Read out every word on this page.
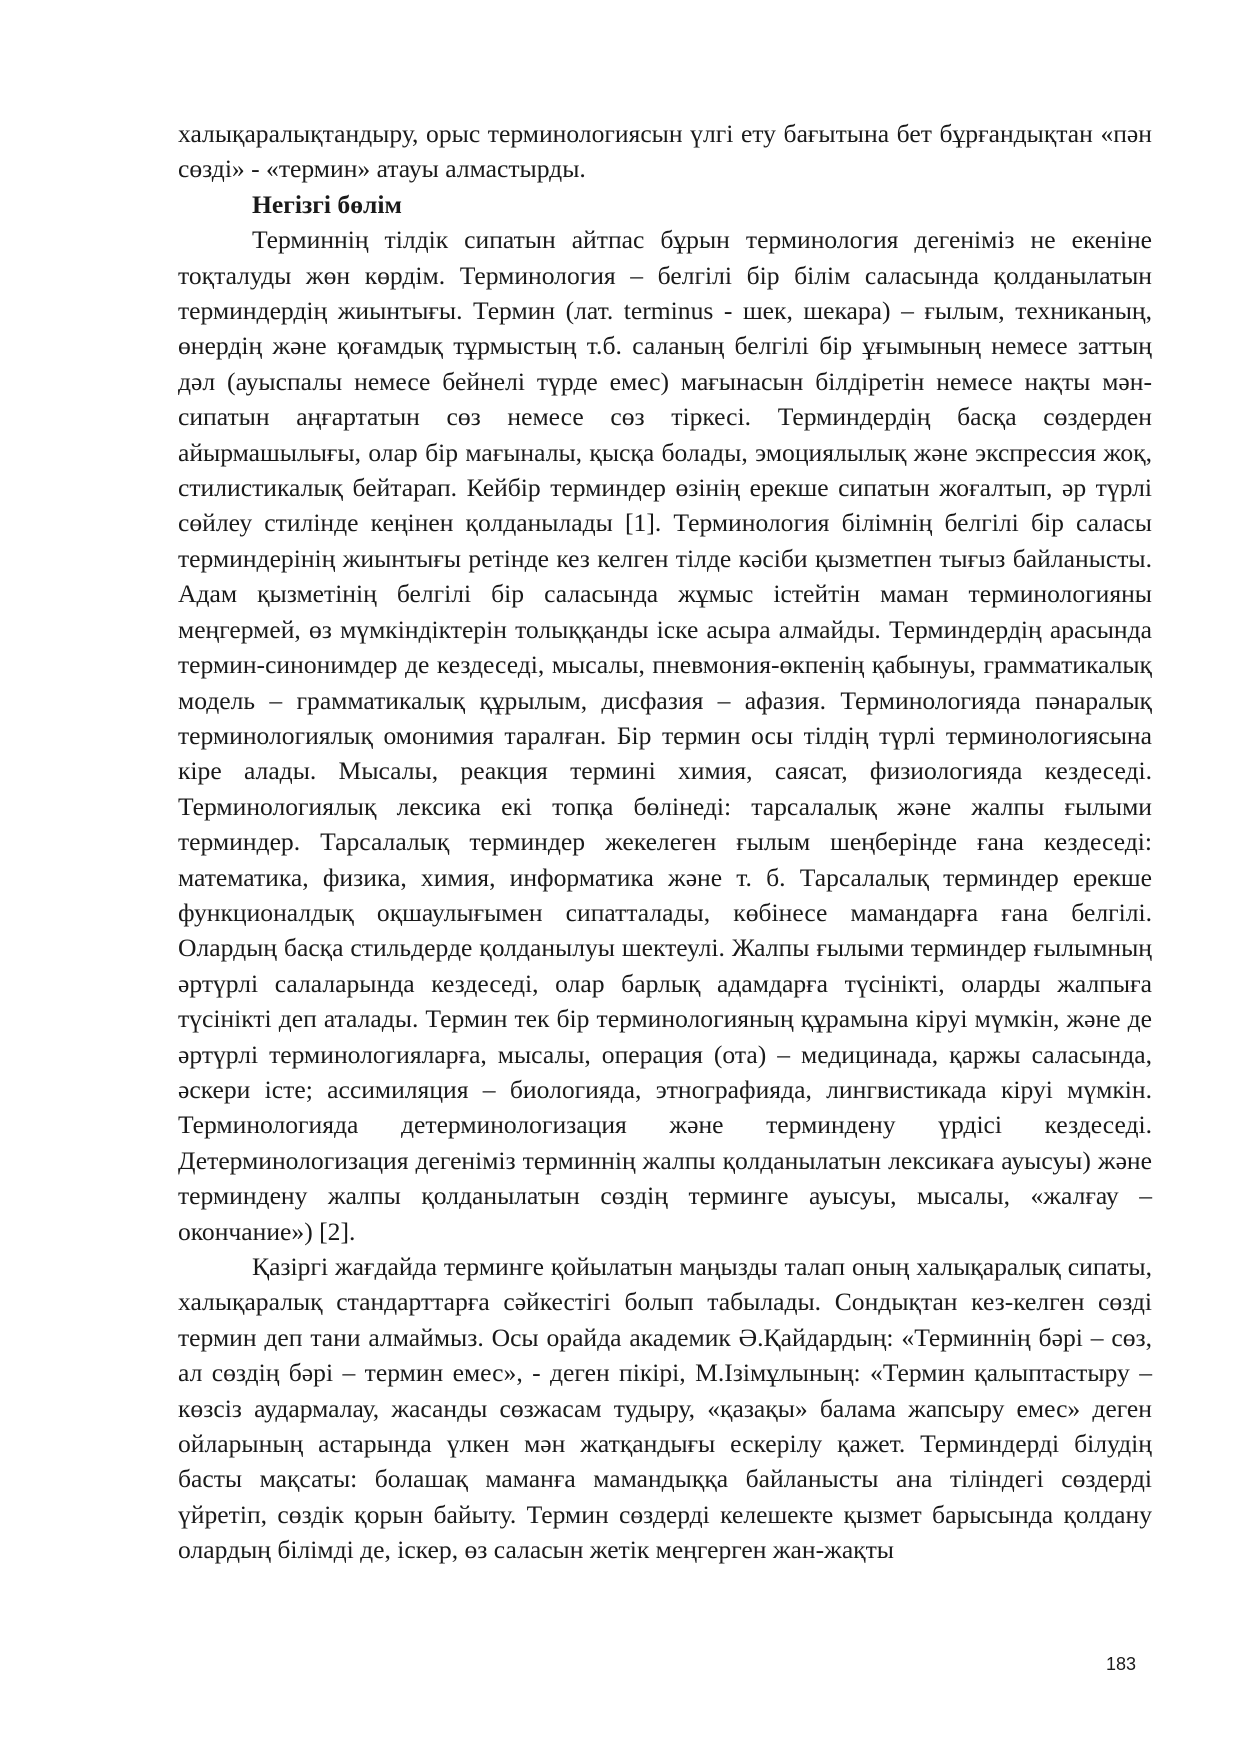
халықаралықтандыру, орыс терминологиясын үлгі ету бағытына бет бұрғандықтан «пән сөзді» - «термин» атауы алмастырды.

Негізгі бөлім

Терминнің тілдік сипатын айтпас бұрын терминология дегеніміз не екеніне тоқталуды жөн көрдім. Терминология – белгілі бір білім саласында қолданылатын терминдердің жиынтығы. Термин (лат. terminus - шек, шекара) – ғылым, техниканың, өнердің және қоғамдық тұрмыстың т.б. саланың белгілі бір ұғымының немесе заттың дәл (ауыспалы немесе бейнелі түрде емес) мағынасын білдіретін немесе нақты мән-сипатын аңғартатын сөз немесе сөз тіркесі. Терминдердің басқа сөздерден айырмашылығы, олар бір мағыналы, қысқа болады, эмоциялылық және экспрессия жоқ, стилистикалық бейтарап. Кейбір терминдер өзінің ерекше сипатын жоғалтып, әр түрлі сөйлеу стилінде кеңінен қолданылады [1]. Терминология білімнің белгілі бір саласы терминдерінің жиынтығы ретінде кез келген тілде кәсіби қызметпен тығыз байланысты. Адам қызметінің белгілі бір саласында жұмыс істейтін маман терминологияны меңгермей, өз мүмкіндіктерін толыққанды іске асыра алмайды. Терминдердің арасында термин-синонимдер де кездеседі, мысалы, пневмония-өкпенің қабынуы, грамматикалық модель – грамматикалық құрылым, дисфазия – афазия. Терминологияда пәнаралық терминологиялық омонимия таралған. Бір термин осы тілдің түрлі терминологиясына кіре алады. Мысалы, реакция термині химия, саясат, физиологияда кездеседі. Терминологиялық лексика екі топқа бөлінеді: тарсалалық және жалпы ғылыми терминдер. Тарсалалық терминдер жекелеген ғылым шеңберінде ғана кездеседі: математика, физика, химия, информатика және т. б. Тарсалалық терминдер ерекше функционалдық оқшаулығымен сипатталады, көбінесе мамандарға ғана белгілі. Олардың басқа стильдерде қолданылуы шектеулі. Жалпы ғылыми терминдер ғылымның әртүрлі салаларында кездеседі, олар барлық адамдарға түсінікті, оларды жалпыға түсінікті деп аталады. Термин тек бір терминологияның құрамына кіруі мүмкін, және де әртүрлі терминологияларға, мысалы, операция (ота) – медицинада, қаржы саласында, әскери істе; ассимиляция – биологияда, этнографияда, лингвистикада кіруі мүмкін. Терминологияда детерминологизация және терминдену үрдісі кездеседі. Детерминологизация дегеніміз терминнің жалпы қолданылатын лексикаға ауысуы) және терминдену жалпы қолданылатын сөздің терминге ауысуы, мысалы, «жалғау – окончание») [2].

Қазіргі жағдайда терминге қойылатын маңызды талап оның халықаралық сипаты, халықаралық стандарттарға сәйкестігі болып табылады. Сондықтан кез-келген сөзді термин деп тани алмаймыз. Осы орайда академик Ә.Қайдардың: «Терминнің бәрі – сөз, ал сөздің бәрі – термин емес», - деген пікірі, М.Ізімұлының: «Термин қалыптастыру – көзсіз аудармалау, жасанды сөзжасам тудыру, «қазақы» балама жапсыру емес» деген ойларының астарында үлкен мән жатқандығы ескерілу қажет. Терминдерді білудің басты мақсаты: болашақ маманға мамандыққа байланысты ана тіліндегі сөздерді үйретіп, сөздік қорын байыту. Термин сөздерді келешекте қызмет барысында қолдану олардың білімді де, іскер, өз саласын жетік меңгерген жан-жақты

183
